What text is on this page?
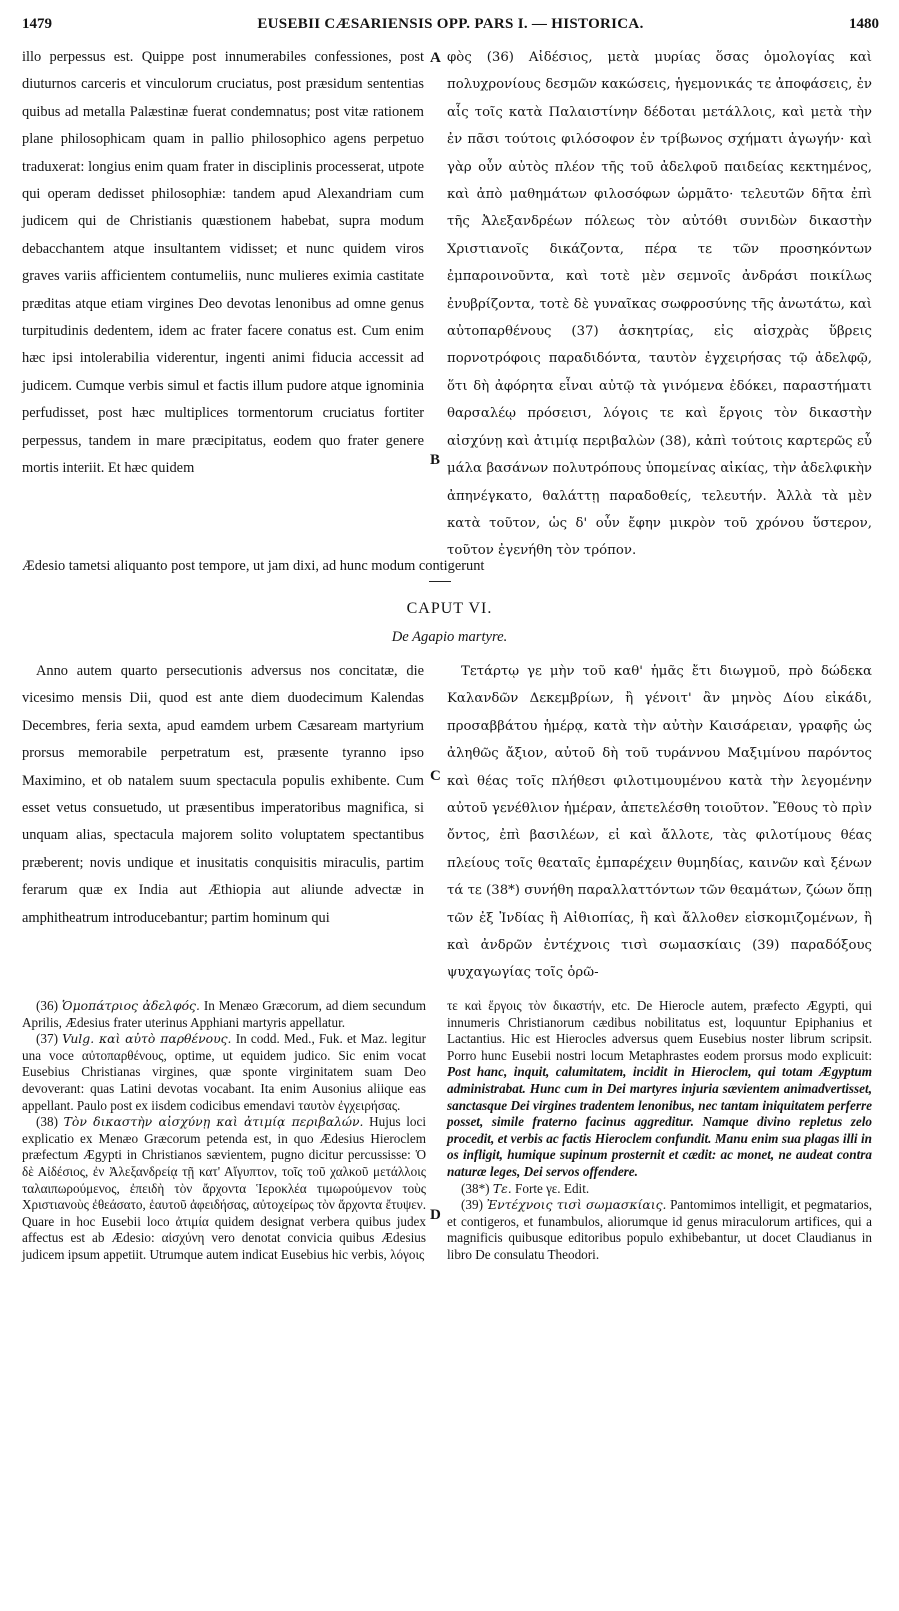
1479	EUSEBII CÆSARIENSIS OPP. PARS I. — HISTORICA.	1480
A
B
C
D

illo perpessus est. Quippe post innumerabiles confessiones, post diuturnos carceris et vinculorum cruciatus, post præsidum sententias quibus ad metalla Palæstinæ fuerat condemnatus; post vitæ rationem plane philosophicam quam in pallio philosophico agens perpetuo traduxerat: longius enim quam frater in disciplinis processerat, utpote qui operam dedisset philosophiæ: tandem apud Alexandriam cum judicem qui de Christianis quæstionem habebat, supra modum debacchantem atque insultantem vidisset; et nunc quidem viros graves variis afficientem contumeliis, nunc mulieres eximia castitate præditas atque etiam virgines Deo devotas lenonibus ad omne genus turpitudinis dedentem, idem ac frater facere conatus est. Cum enim hæc ipsi intolerabilia viderentur, ingenti animi fiducia accessit ad judicem. Cumque verbis simul et factis illum pudore atque ignominia perfudisset, post hæc multiplices tormentorum cruciatus fortiter perpessus, tandem in mare præcipitatus, eodem quo frater genere mortis interiit. Et hæc quidem

φὸς (36) Αἰδέσιος, μετὰ μυρίας ὅσας ὁμολογίας καὶ πολυχρονίους δεσμῶν κακώσεις, ἡγεμονικάς τε ἀποφάσεις, ἐν αἷς τοῖς κατὰ Παλαιστίνην δέδοται μετάλλοις, καὶ μετὰ τὴν ἐν πᾶσι τούτοις φιλόσοφον ἐν τρίβωνος σχήματι ἀγωγήν· καὶ γὰρ οὖν αὐτὸς πλέον τῆς τοῦ ἀδελφοῦ παιδείας κεκτημένος, καὶ ἀπὸ μαθημάτων φιλοσόφων ὡρμᾶτο· τελευτῶν δῆτα ἐπὶ τῆς Ἀλεξανδρέων πόλεως τὸν αὐτόθι συνιδὼν δικαστὴν Χριστιανοῖς δικάζοντα, πέρα τε τῶν προσηκόντων ἐμπαροινοῦντα, καὶ τοτὲ μὲν σεμνοῖς ἀνδράσι ποικίλως ἐνυβρίζοντα, τοτὲ δὲ γυναῖκας σωφροσύνης τῆς ἀνωτάτω, καὶ αὐτοπαρθένους (37) ἀσκητρίας, εἰς αἰσχρὰς ὕβρεις πορνοτρόφοις παραδιδόντα, ταυτὸν ἐγχειρήσας τῷ ἀδελφῷ, ὅτι δὴ ἀφόρητα εἶναι αὐτῷ τὰ γινόμενα ἐδόκει, παραστήματι θαρσαλέῳ πρόσεισι, λόγοις τε καὶ ἔργοις τὸν δικαστὴν αἰσχύνῃ καὶ ἀτιμίᾳ περιβαλὼν (38), κἀπὶ τούτοις καρτερῶς εὖ μάλα βασάνων πολυτρόπους ὑπομείνας αἰκίας, τὴν ἀδελφικὴν ἀπηνέγκατο, θαλάττῃ παραδοθείς, τελευτήν. Ἀλλὰ τὰ μὲν κατὰ τοῦτον, ὡς δ' οὖν ἔφην μικρὸν τοῦ χρόνου ὕστερον, τοῦτον ἐγενήθη τὸν τρόπον.

Ædesio tametsi aliquanto post tempore, ut jam dixi, ad hunc modum contigerunt
CAPUT VI.
De Agapio martyre.

Anno autem quarto persecutionis adversus nos concitatæ, die vicesimo mensis Dii, quod est ante diem duodecimum Kalendas Decembres, feria sexta, apud eamdem urbem Cæsaream martyrium prorsus memorabile perpetratum est, præsente tyranno ipso Maximino, et ob natalem suum spectacula populis exhibente. Cum esset vetus consuetudo, ut præsentibus imperatoribus magnifica, si unquam alias, spectacula majorem solito voluptatem spectantibus præberent; novis undique et inusitatis conquisitis miraculis, partim ferarum quæ ex India aut Æthiopia aut aliunde advectæ in amphitheatrum introducebantur; partim hominum qui

Τετάρτῳ γε μὴν τοῦ καθ' ἡμᾶς ἔτι διωγμοῦ, πρὸ δώδεκα Καλανδῶν Δεκεμβρίων, ἢ γένοιτ' ἂν μηνὸς Δίου εἰκάδι, προσαββάτου ἡμέρᾳ, κατὰ τὴν αὐτὴν Καισάρειαν, γραφῆς ὡς ἀληθῶς ἄξιον, αὐτοῦ δὴ τοῦ τυράννου Μαξιμίνου παρόντος καὶ θέας τοῖς πλήθεσι φιλοτιμουμένου κατὰ τὴν λεγομένην αὐτοῦ γενέθλιον ἡμέραν, ἀπετελέσθη τοιοῦτον. Ἔθους τὸ πρὶν ὄντος, ἐπὶ βασιλέων, εἰ καὶ ἄλλοτε, τὰς φιλοτίμους θέας πλείους τοῖς θεαταῖς ἐμπαρέχειν θυμηδίας, καινῶν καὶ ξένων τά τε (38*) συνήθη παραλλαττόντων τῶν θεαμάτων, ζώων ὅπῃ τῶν ἐξ Ἰνδίας ἢ Αἰθιοπίας, ἢ καὶ ἄλλοθεν εἰσκομιζομένων, ἢ καὶ ἀνδρῶν ἐντέχνοις τισὶ σωμασκίαις (39) παραδόξους ψυχαγωγίας τοῖς ὁρῶ-

(36) Ὁμοπάτριος ἀδελφός. In Menæo Græcorum, ad diem secundum Aprilis, Ædesius frater uterinus Apphiani martyris appellatur.

(37) Vulg. καὶ αὐτὸ παρθένους. In codd. Med., Fuk. et Maz. legitur una voce αὐτοπαρθένους, optime, ut equidem judico. Sic enim vocat Eusebius Christianas virgines, quæ sponte virginitatem suam Deo devoverant: quas Latini devotas vocabant. Ita enim Ausonius aliique eas appellant. Paulo post ex iisdem codicibus emendavi ταυτὸν ἐγχειρήσας.

(38) Τὸν δικαστὴν αἰσχύνῃ καὶ ἀτιμίᾳ περιβαλών. Hujus loci explicatio ex Menæo Græcorum petenda est, in quo Ædesius Hieroclem præfectum Ægypti in Christianos sævientem, pugno dicitur percussisse: Ὁ δὲ Αἰδέσιος, ἐν Ἀλεξανδρείᾳ τῇ κατ' Αἴγυπτον, τοῖς τοῦ χαλκοῦ μετάλλοις ταλαιπωρούμενος, ἐπειδὴ τὸν ἄρχοντα Ἱεροκλέα τιμωρούμενον τοὺς Χριστιανοὺς ἐθεάσατο, ἑαυτοῦ ἀφειδήσας, αὐτοχείρως τὸν ἄρχοντα ἔτυψεν. Quare in hoc Eusebii loco ἀτιμία quidem designat verbera quibus judex affectus est ab Ædesio: αἰσχύνη vero denotat convicia quibus Ædesius judicem ipsum appetiit. Utrumque autem indicat Eusebius hic verbis, λόγοις

τε καὶ ἔργοις τὸν δικαστήν, etc. De Hierocle autem, præfecto Ægypti, qui innumeris Christianorum cædibus nobilitatus est, loquuntur Epiphanius et Lactantius. Hic est Hierocles adversus quem Eusebius noster librum scripsit. Porro hunc Eusebii nostri locum Metaphrastes eodem prorsus modo explicuit: Post hanc, inquit, calumitatem, incidit in Hieroclem, qui totam Ægyptum administrabat. Hunc cum in Dei martyres injuria sævientem animadvertisset, sanctasque Dei virgines tradentem lenonibus, nec tantam iniquitatem perferre posset, simile fraterno facinus aggreditur. Namque divino repletus zelo procedit, et verbis ac factis Hieroclem confundit. Manu enim sua plagas illi in os infligit, humique supinum prosternit et cædit: ac monet, ne audeat contra naturæ leges, Dei servos offendere.

(38*) Τε. Forte γε. Edit.

(39) Ἐντέχνοις τισὶ σωμασκίαις. Pantomimos intelligit, et pegmatarios, et contigeros, et funambulos, aliorumque id genus miraculorum artifices, qui a magnificis quibusque editoribus populo exhibebantur, ut docet Claudianus in libro De consulatu Theodori.
